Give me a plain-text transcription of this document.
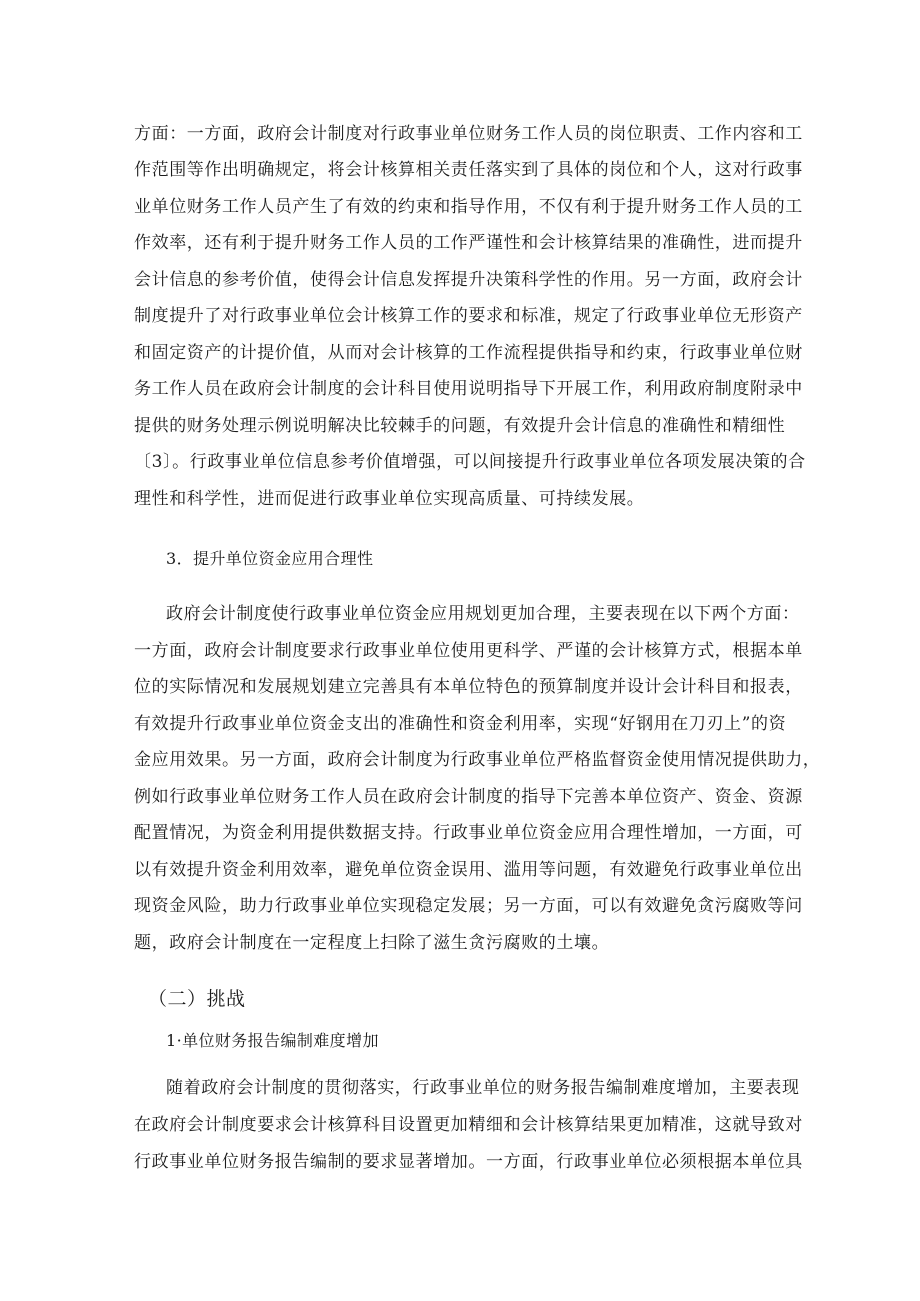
方面：一方面，政府会计制度对行政事业单位财务工作人员的岗位职责、工作内容和工
作范围等作出明确规定，将会计核算相关责任落实到了具体的岗位和个人，这对行政事
业单位财务工作人员产生了有效的约束和指导作用，不仅有利于提升财务工作人员的工
作效率，还有利于提升财务工作人员的工作严谨性和会计核算结果的准确性，进而提升
会计信息的参考价值，使得会计信息发挥提升决策科学性的作用。另一方面，政府会计
制度提升了对行政事业单位会计核算工作的要求和标准，规定了行政事业单位无形资产
和固定资产的计提价值，从而对会计核算的工作流程提供指导和约束，行政事业单位财
务工作人员在政府会计制度的会计科目使用说明指导下开展工作，利用政府制度附录中
提供的财务处理示例说明解决比较棘手的问题，有效提升会计信息的准确性和精细性
〔3〕。行政事业单位信息参考价值增强，可以间接提升行政事业单位各项发展决策的合
理性和科学性，进而促进行政事业单位实现高质量、可持续发展。
3．提升单位资金应用合理性
政府会计制度使行政事业单位资金应用规划更加合理，主要表现在以下两个方面：
一方面，政府会计制度要求行政事业单位使用更科学、严谨的会计核算方式，根据本单
位的实际情况和发展规划建立完善具有本单位特色的预算制度并设计会计科目和报表，
有效提升行政事业单位资金支出的准确性和资金利用率，实现“好钢用在刀刃上”的资
金应用效果。另一方面，政府会计制度为行政事业单位严格监督资金使用情况提供助力，
例如行政事业单位财务工作人员在政府会计制度的指导下完善本单位资产、资金、资源
配置情况，为资金利用提供数据支持。行政事业单位资金应用合理性增加，一方面，可
以有效提升资金利用效率，避免单位资金误用、滥用等问题，有效避免行政事业单位出
现资金风险，助力行政事业单位实现稳定发展；另一方面，可以有效避免贪污腐败等问
题，政府会计制度在一定程度上扫除了滋生贪污腐败的土壤。
（二）挑战
1·单位财务报告编制难度增加
随着政府会计制度的贯彻落实，行政事业单位的财务报告编制难度增加，主要表现
在政府会计制度要求会计核算科目设置更加精细和会计核算结果更加精准，这就导致对
行政事业单位财务报告编制的要求显著增加。一方面，行政事业单位必须根据本单位具
